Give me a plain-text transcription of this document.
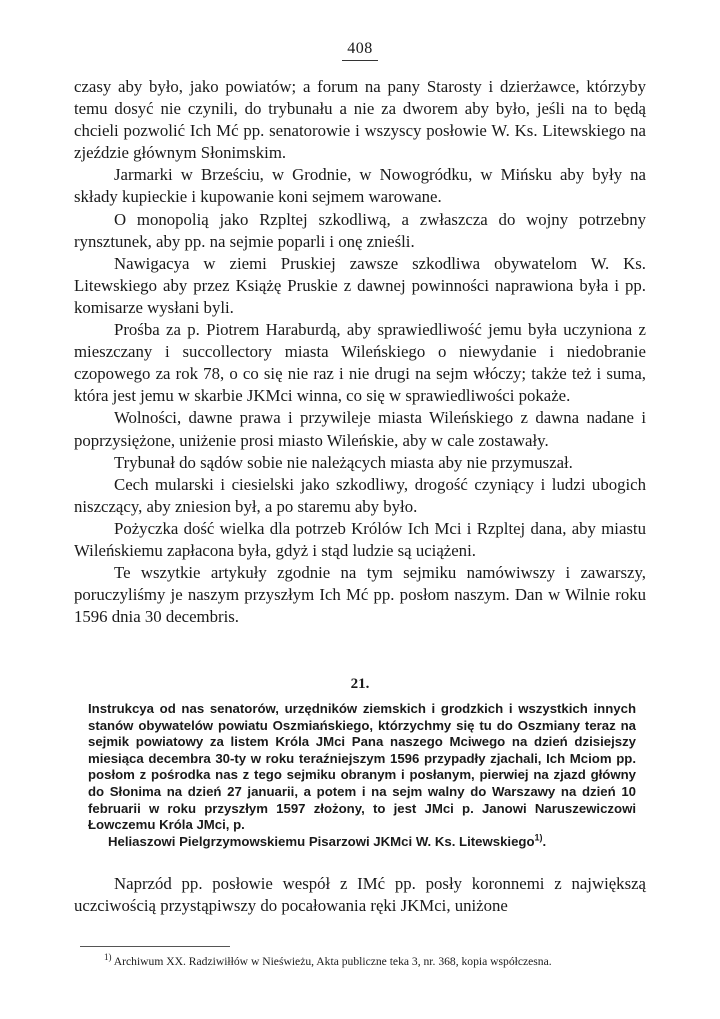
408

czasy aby było, jako powiatów; a forum na pany Starosty i dzierżawce, którzyby temu dosyć nie czynili, do trybunału a nie za dworem aby było, jeśli na to będą chcieli pozwolić Ich Mć pp. senatorowie i wszyscy posłowie W. Ks. Litewskiego na zjeździe głównym Słonimskim.

Jarmarki w Brześciu, w Grodnie, w Nowogródku, w Mińsku aby były na składy kupieckie i kupowanie koni sejmem warowane.

O monopolią jako Rzpltej szkodliwą, a zwłaszcza do wojny potrzebny rynsztunek, aby pp. na sejmie poparli i onę znieśli.

Nawigacya w ziemi Pruskiej zawsze szkodliwa obywatelom W. Ks. Litewskiego aby przez Książę Pruskie z dawnej powinności naprawiona była i pp. komisarze wysłani byli.

Prośba za p. Piotrem Haraburdą, aby sprawiedliwość jemu była uczyniona z mieszczany i succollectory miasta Wileńskiego o niewydanie i niedobranie czopowego za rok 78, o co się nie raz i nie drugi na sejm włóczy; także też i suma, która jest jemu w skarbie JKMci winna, co się w sprawiedliwości pokaże.

Wolności, dawne prawa i przywileje miasta Wileńskiego z dawna nadane i poprzysiężone, uniżenie prosi miasto Wileńskie, aby w cale zostawały.

Trybunał do sądów sobie nie należących miasta aby nie przymuszał.

Cech mularski i ciesielski jako szkodliwy, drogość czyniący i ludzi ubogich niszczący, aby zniesion był, a po staremu aby było.

Pożyczka dość wielka dla potrzeb Królów Ich Mci i Rzpltej dana, aby miastu Wileńskiemu zapłacona była, gdyż i stąd ludzie są uciążeni.

Te wszytkie artykuły zgodnie na tym sejmiku namówiwszy i zawarszy, poruczyliśmy je naszym przyszłym Ich Mć pp. posłom naszym. Dan w Wilnie roku 1596 dnia 30 decembris.

21.

Instrukcya od nas senatorów, urzędników ziemskich i grodzkich i wszystkich innych stanów obywatelów powiatu Oszmiańskiego, którzychmy się tu do Oszmiany teraz na sejmik powiatowy za listem Króla JMci Pana naszego Mciwego na dzień dzisiejszy miesiąca decembra 30-ty w roku teraźniejszym 1596 przypadły zjachali, Ich Mciom pp. posłom z pośrodka nas z tego sejmiku obranym i posłanym, pierwiej na zjazd główny do Słonima na dzień 27 januarii, a potem i na sejm walny do Warszawy na dzień 10 februarii w roku przyszłym 1597 złożony, to jest JMci p. Janowi Naruszewiczowi Łowczemu Króla JMci, p.
Heliaszowi Pielgrzymowskiemu Pisarzowi JKMci W. Ks. Litewskiego$^{1)}$.

Naprzód pp. posłowie wespół z IMć pp. posły koronnemi z największą uczciwością przystąpiwszy do pocałowania ręki JKMci, uniżone

$^{1)}$ Archiwum XX. Radziwiłłów w Nieświeżu, Akta publiczne teka 3, nr. 368, kopia współczesna.
